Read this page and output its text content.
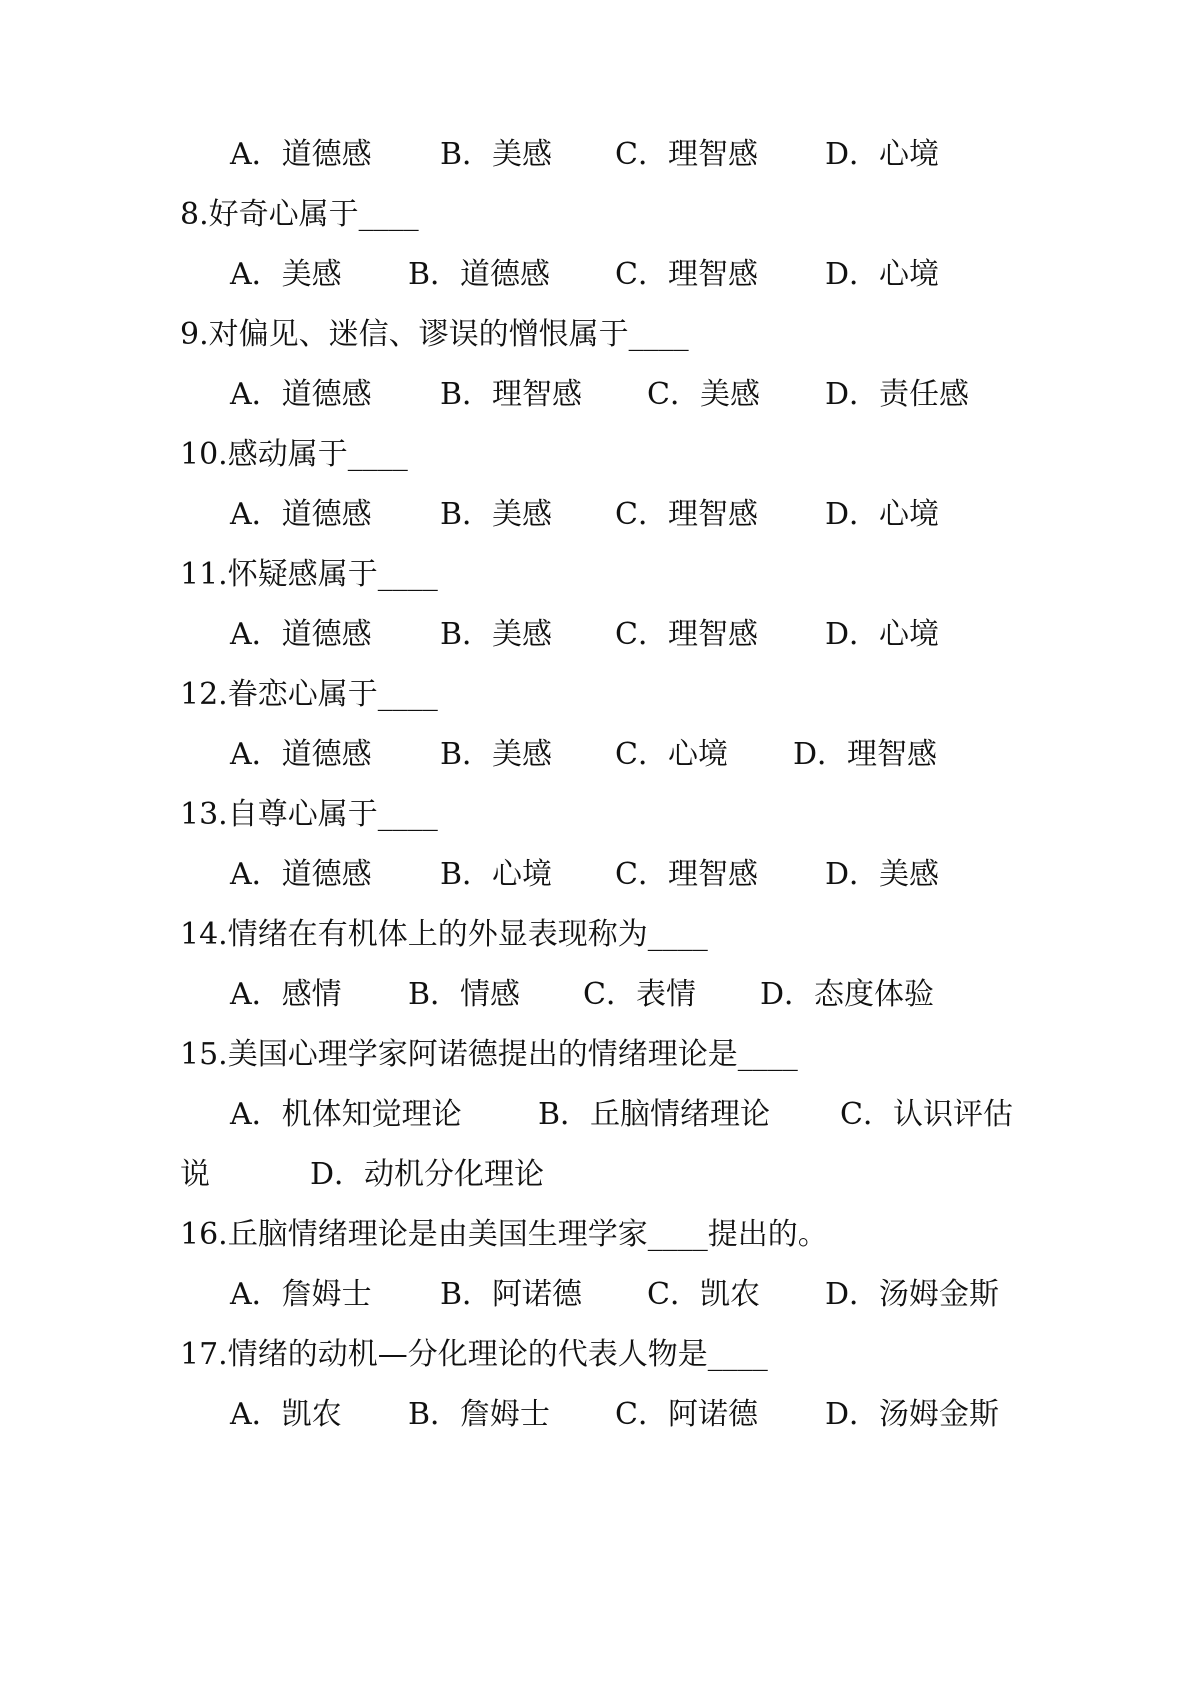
A．道德感

B．美感

C．理智感

D．心境

8.好奇心属于____

A．美感

B．道德感

C．理智感

D．心境

9.对偏见、迷信、谬误的憎恨属于____

A．道德感

B．理智感

C．美感

D．责任感

10.感动属于____

A．道德感

B．美感

C．理智感

D．心境

11.怀疑感属于____

A．道德感

B．美感

C．理智感

D．心境

12.眷恋心属于____

A．道德感

B．美感

C．心境

D．理智感

13.自尊心属于____

A．道德感

B．心境

C．理智感

D．美感

14.情绪在有机体上的外显表现称为____

A．感情

B．情感

C．表情

D．态度体验

15.美国心理学家阿诺德提出的情绪理论是____

A．机体知觉理论

	B．丘脑情绪理论

C．认识评估

说

	D．动机分化理论

16.丘脑情绪理论是由美国生理学家____提出的。

A．詹姆士

B．阿诺德

C．凯农

D．汤姆金斯

17.情绪的动机—分化理论的代表人物是____

A．凯农

B．詹姆士

C．阿诺德

D．汤姆金斯
